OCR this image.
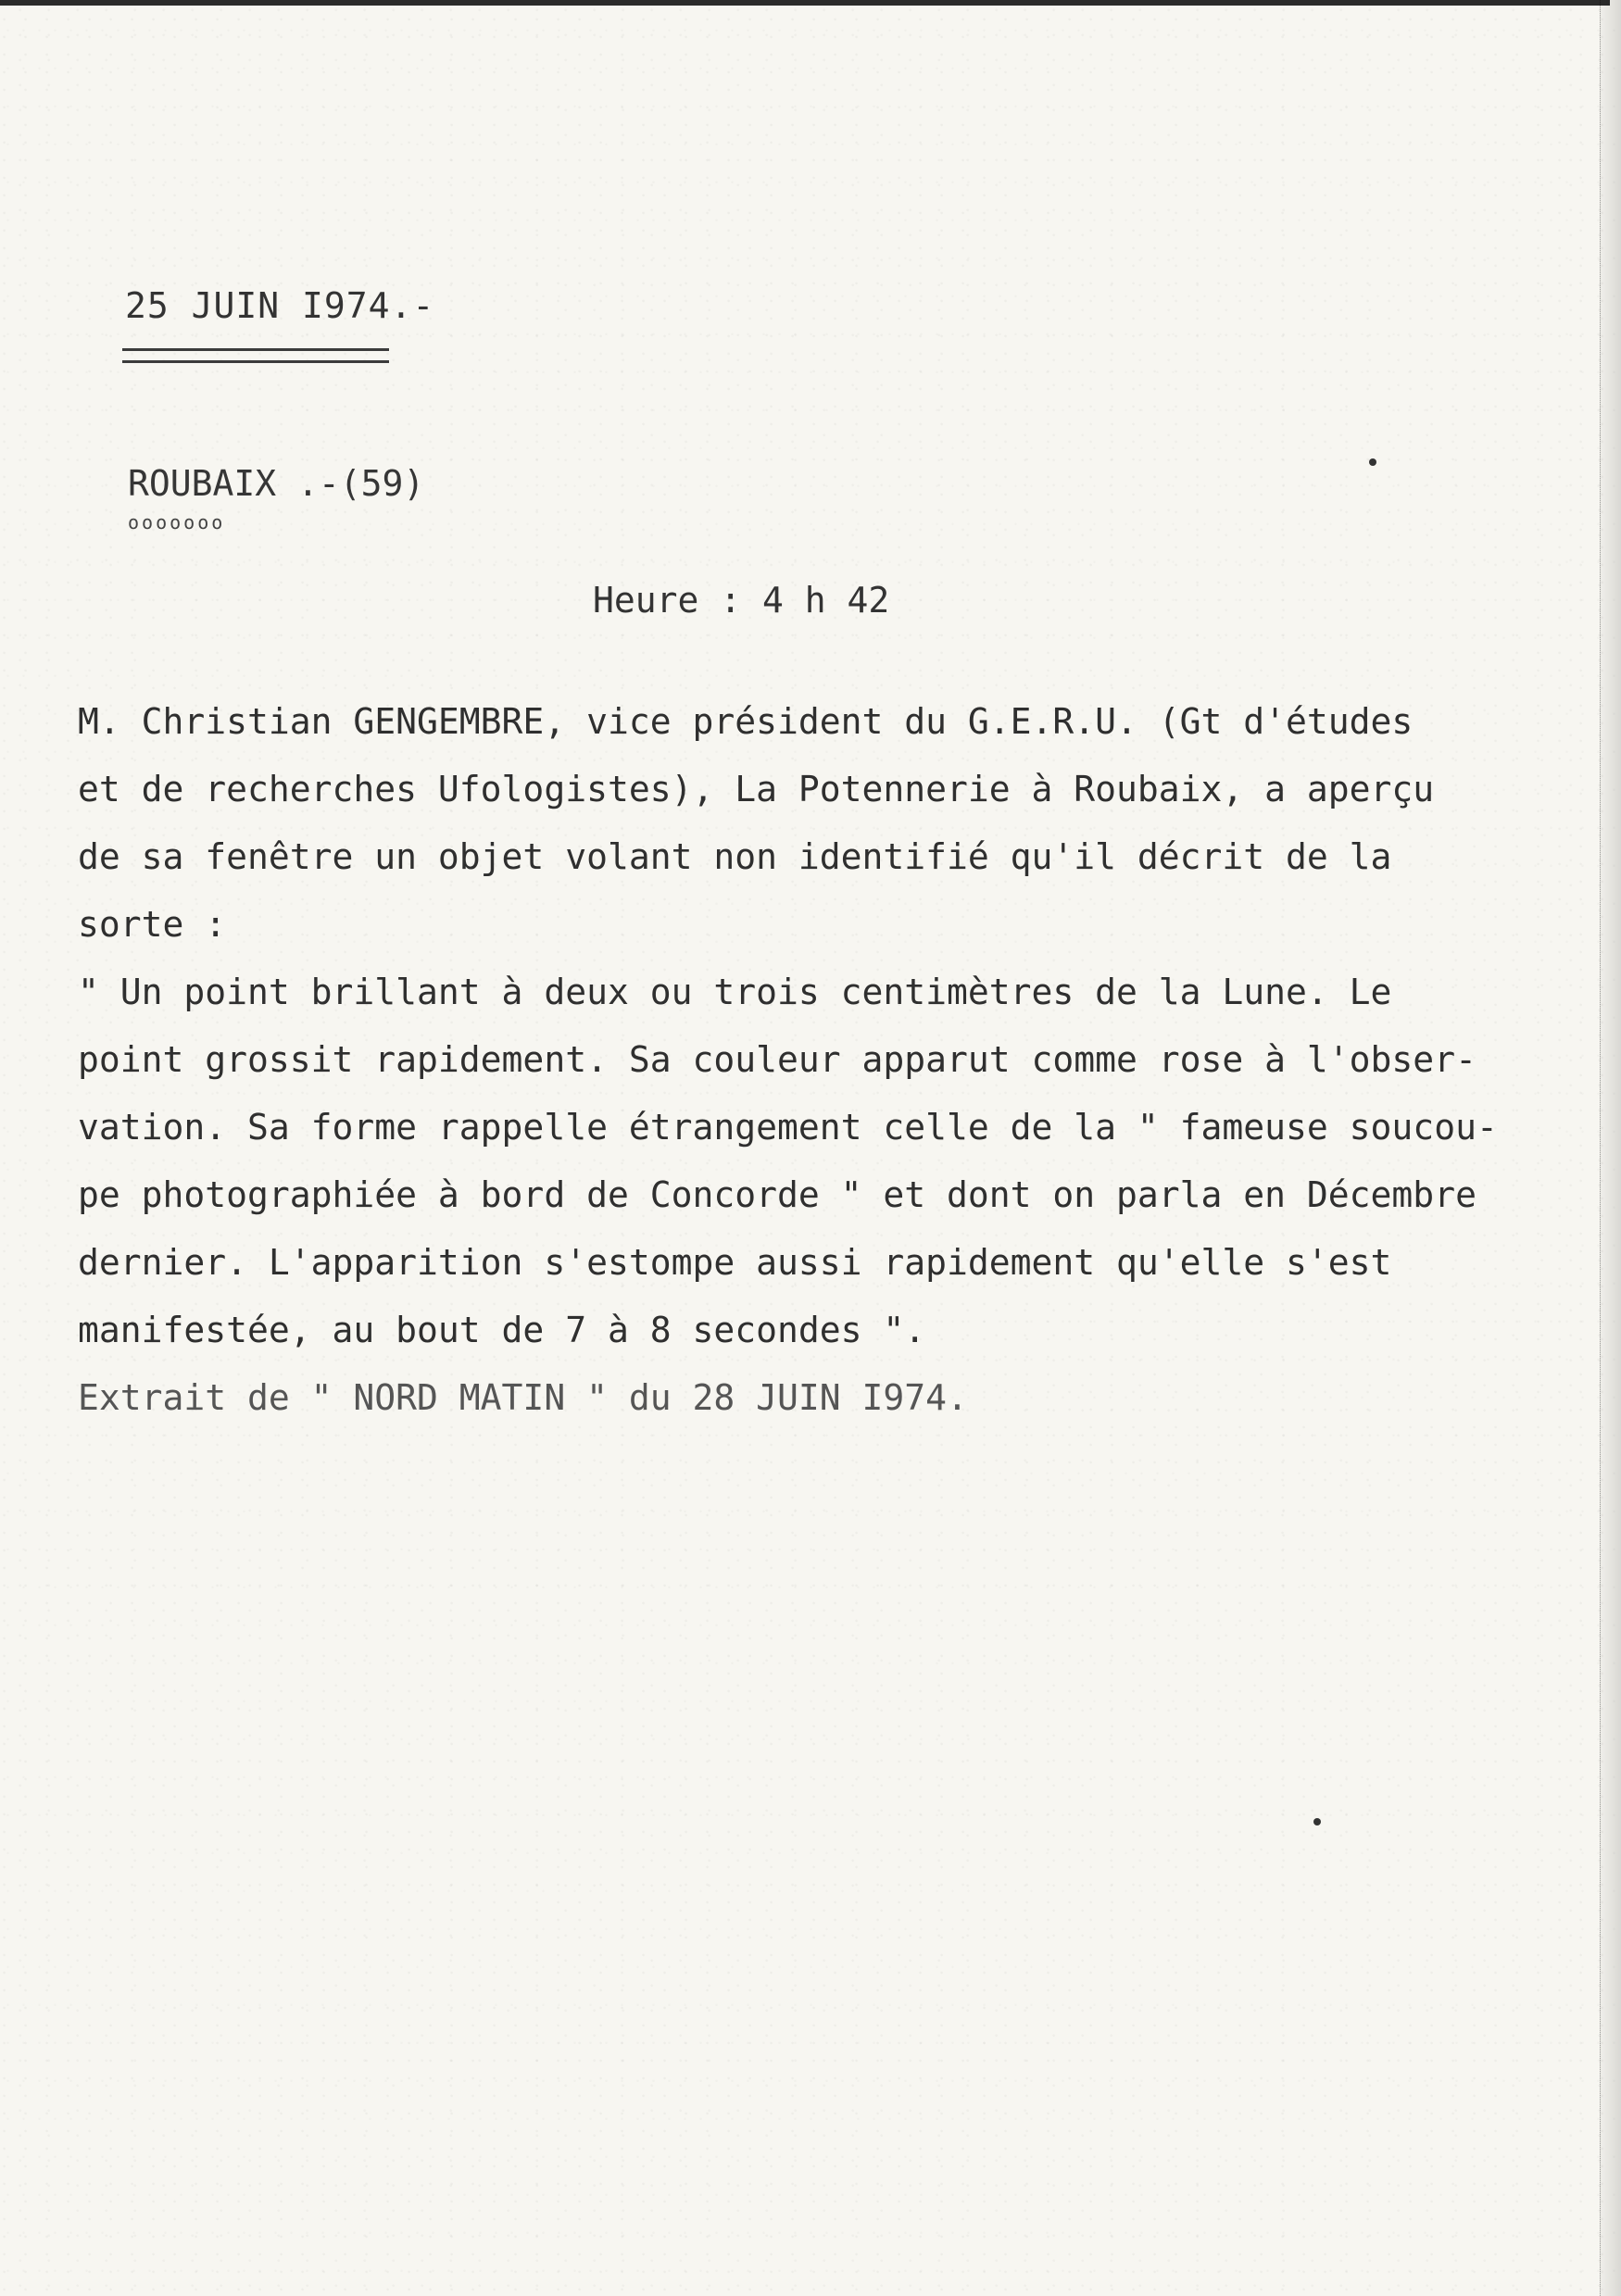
25 JUIN I974.-
ROUBAIX .-(59)
ooooooo
Heure : 4 h 42
M. Christian GENGEMBRE, vice président du G.E.R.U. (Gt d'études
et de recherches Ufologistes), La Potennerie à Roubaix, a aperçu
de sa fenêtre un objet volant non identifié qu'il décrit de la
sorte :
" Un point brillant à deux ou trois centimètres de la Lune. Le
point grossit rapidement. Sa couleur apparut comme rose à l'obser-
vation. Sa forme rappelle étrangement celle de la " fameuse soucou-
pe photographiée à bord de Concorde " et dont on parla en Décembre
dernier. L'apparition s'estompe aussi rapidement qu'elle s'est
manifestée, au bout de 7 à 8 secondes ".
Extrait de " NORD MATIN " du 28 JUIN I974.
